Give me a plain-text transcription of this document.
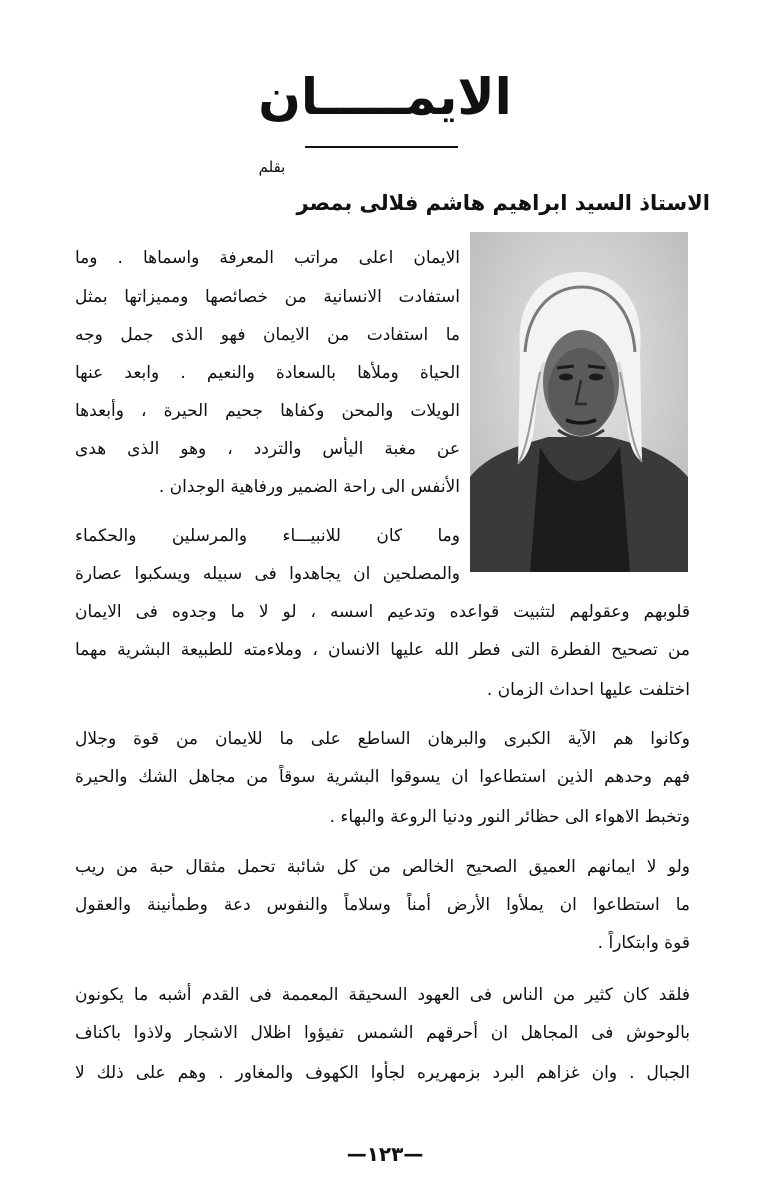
الايمـــــان
بقلم
الاستاذ السيد ابراهيم هاشم فلالى بمصر
الايمان اعلى مراتب المعرفة واسماها . وما
استفادت الانسانية من خصائصها ومميزاتها بمثل
ما استفادت من الايمان فهو الذى جمل وجه
الحياة وملأها بالسعادة والنعيم . وابعد عنها
الويلات والمحن وكفاها جحيم الحيرة ، وأبعدها
عن مغبة اليأس والتردد ، وهو الذى هدى
الأنفس الى راحة الضمير ورفاهية الوجدان .
وما كان للانبيـــاء والمرسلين والحكماء
والمصلحين ان يجاهدوا فى سبيله ويسكبوا عصارة
قلوبهم وعقولهم لتثبيت قواعده وتدعيم اسسه ، لو لا ما وجدوه فى الايمان
من تصحيح الفطرة التى فطر الله عليها الانسان ، وملاءمته للطبيعة البشرية مهما
اختلفت عليها احداث الزمان .
وكانوا هم الآية الكبرى والبرهان الساطع على ما للايمان من قوة وجلال
فهم وحدهم الذين استطاعوا ان يسوقوا البشرية سوقاً من مجاهل الشك والحيرة
وتخبط الاهواء الى حظائر النور ودنيا الروعة والبهاء .
ولو لا ايمانهم العميق الصحيح الخالص من كل شائبة تحمل مثقال حبة من ريب
ما استطاعوا ان يملأوا الأرض أمناً وسلاماً والنفوس دعة وطمأنينة والعقول
قوة وابتكاراً .
فلقد كان كثير من الناس فى العهود السحيقة المعممة فى القدم أشبه ما يكونون
بالوحوش فى المجاهل ان أحرقهم الشمس تفيؤوا اظلال الاشجار ولاذوا باكناف
الجبال . وان غزاهم البرد بزمهريره لجأوا الكهوف والمغاور . وهم على ذلك لا
—١٢٣—
